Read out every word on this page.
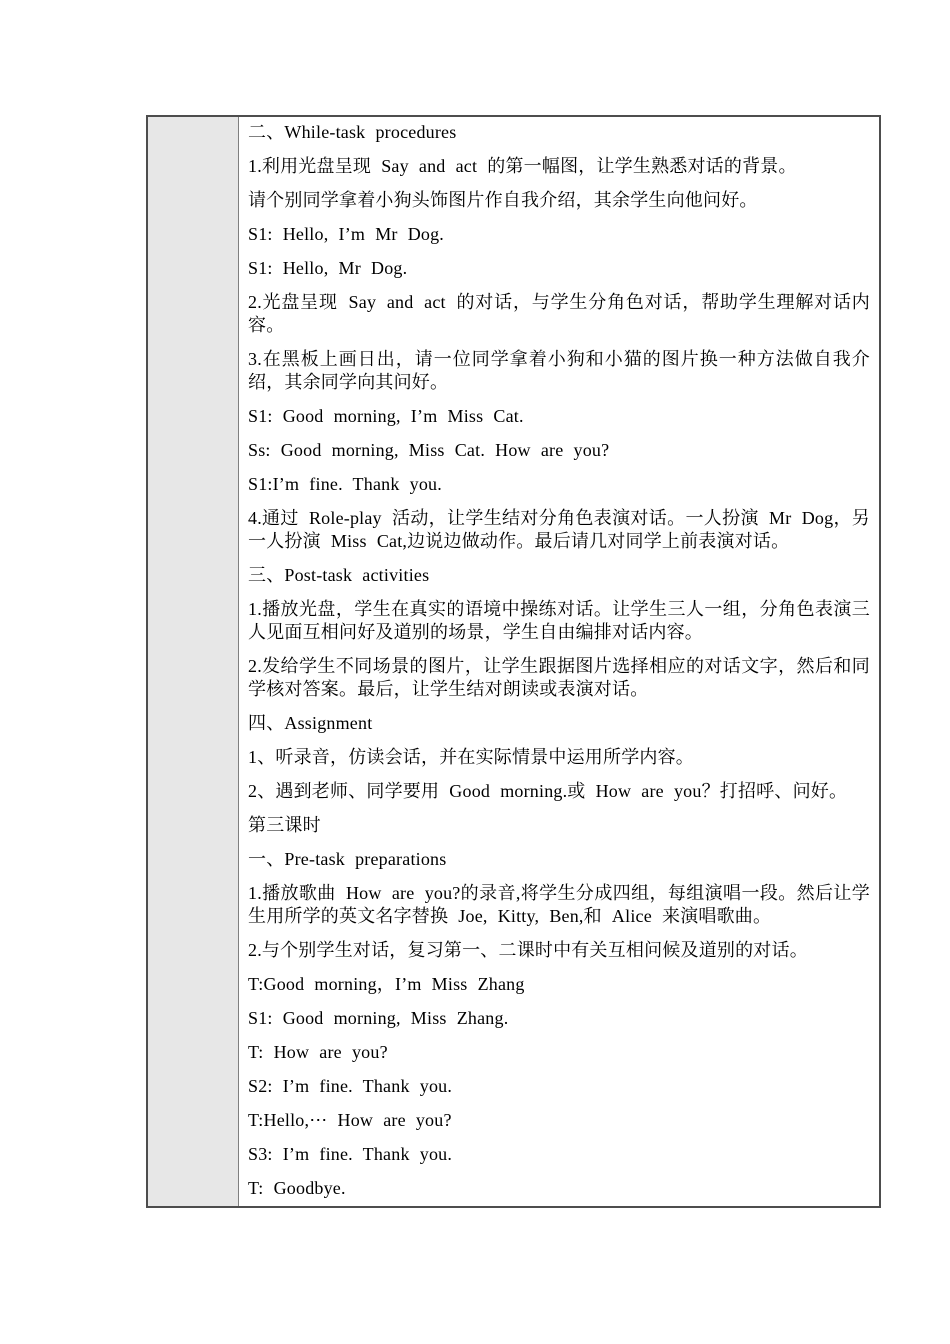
二、While-task procedures

1.利用光盘呈现 Say and act 的第一幅图，让学生熟悉对话的背景。

请个别同学拿着小狗头饰图片作自我介绍，其余学生向他问好。

S1: Hello, I’m Mr Dog.

S1: Hello, Mr Dog.

2.光盘呈现 Say and act 的对话，与学生分角色对话，帮助学生理解对话内容。

3.在黑板上画日出，请一位同学拿着小狗和小猫的图片换一种方法做自我介绍，其余同学向其问好。

S1: Good morning, I’m Miss Cat.

Ss: Good morning, Miss Cat. How are you?

S1:I’m fine. Thank you.

4.通过 Role-play 活动，让学生结对分角色表演对话。一人扮演 Mr Dog，另一人扮演 Miss Cat,边说边做动作。最后请几对同学上前表演对话。

三、Post-task activities

1.播放光盘，学生在真实的语境中操练对话。让学生三人一组，分角色表演三人见面互相问好及道别的场景，学生自由编排对话内容。

2.发给学生不同场景的图片，让学生跟据图片选择相应的对话文字，然后和同学核对答案。最后，让学生结对朗读或表演对话。

四、Assignment

1、听录音，仿读会话，并在实际情景中运用所学内容。

2、遇到老师、同学要用 Good morning.或 How are you？打招呼、问好。

第三课时

一、Pre-task preparations

1.播放歌曲 How are you?的录音,将学生分成四组，每组演唱一段。然后让学生用所学的英文名字替换 Joe, Kitty, Ben,和 Alice 来演唱歌曲。

2.与个别学生对话，复习第一、二课时中有关互相问候及道别的对话。

T:Good morning，I’m Miss Zhang

S1: Good morning, Miss Zhang.

T: How are you?

S2: I’m fine. Thank you.

T:Hello,⋯ How are you?

S3: I’m fine. Thank you.

T: Goodbye.
